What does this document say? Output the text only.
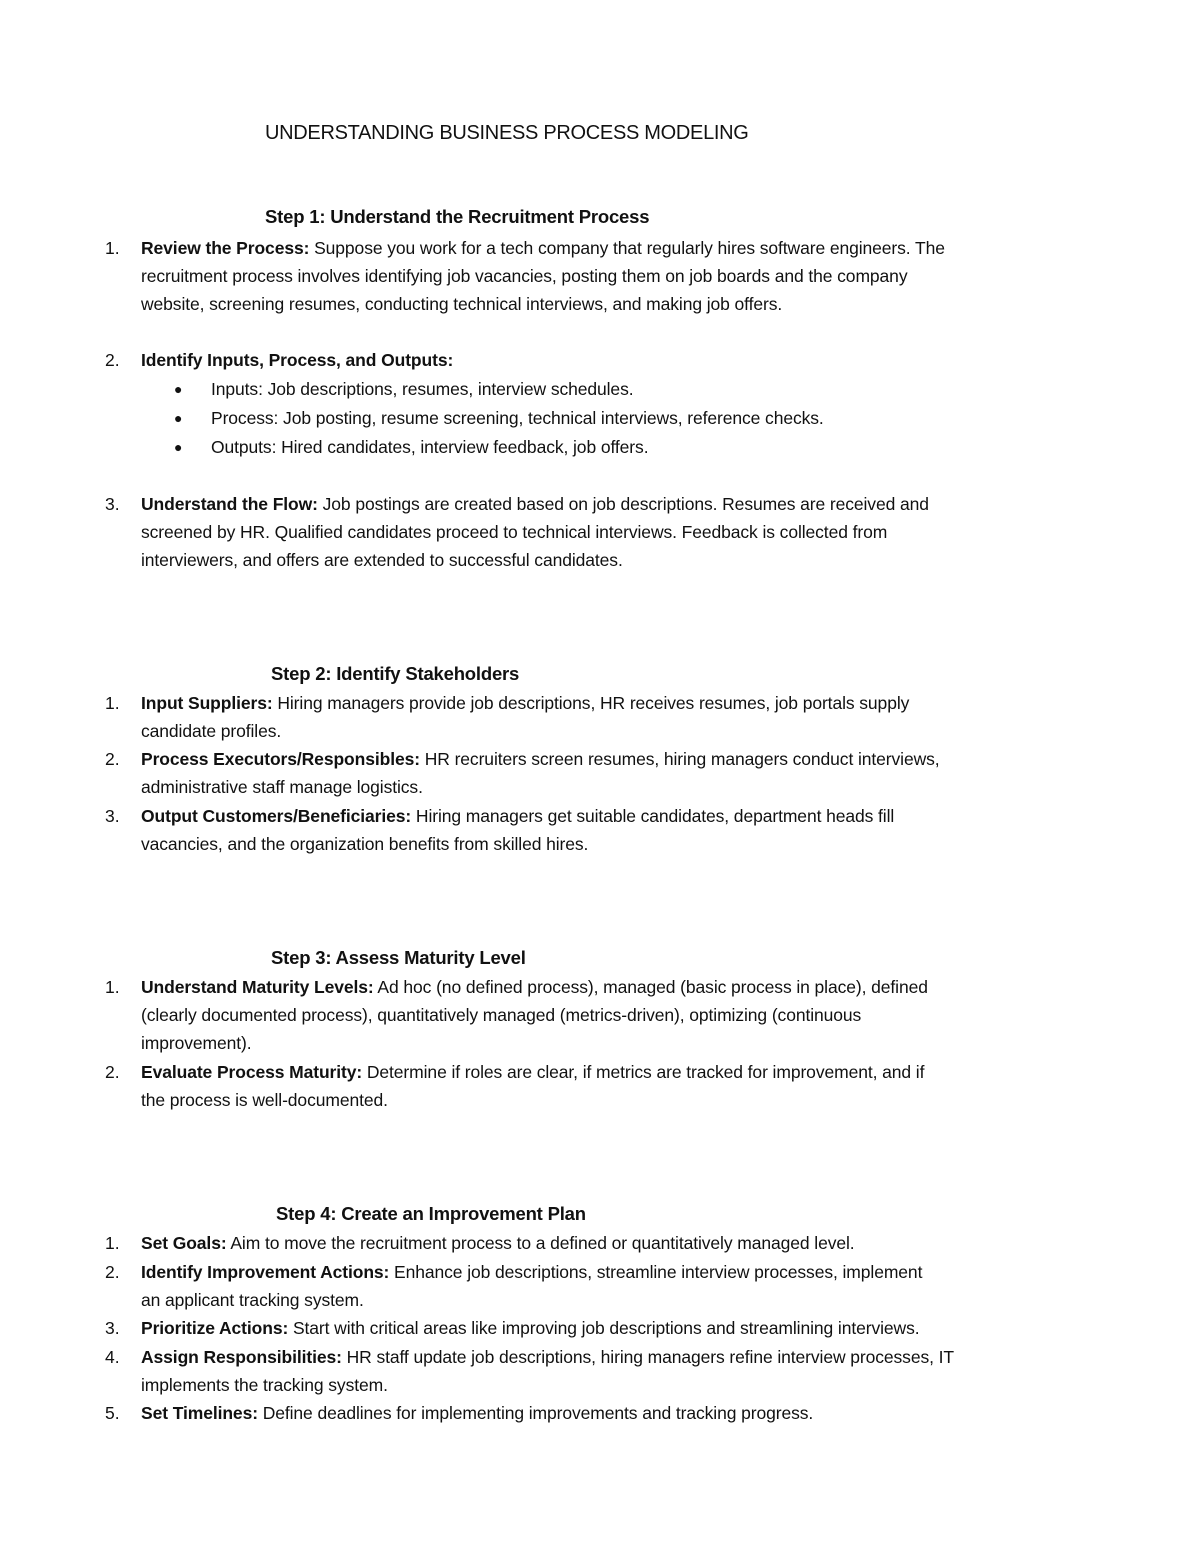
UNDERSTANDING BUSINESS PROCESS MODELING
Step 1: Understand the Recruitment Process
1.	Review the Process: Suppose you work for a tech company that regularly hires software engineers. The
recruitment process involves identifying job vacancies, posting them on job boards and the company
website, screening resumes, conducting technical interviews, and making job offers.
2.	Identify Inputs, Process, and Outputs:
● Inputs: Job descriptions, resumes, interview schedules.
● Process: Job posting, resume screening, technical interviews, reference checks.
● Outputs: Hired candidates, interview feedback, job offers.
3.	Understand the Flow: Job postings are created based on job descriptions. Resumes are received and
screened by HR. Qualified candidates proceed to technical interviews. Feedback is collected from
interviewers, and offers are extended to successful candidates.
Step 2: Identify Stakeholders
1.	Input Suppliers: Hiring managers provide job descriptions, HR receives resumes, job portals supply
candidate profiles.
2.	Process Executors/Responsibles: HR recruiters screen resumes, hiring managers conduct interviews,
administrative staff manage logistics.
3.	Output Customers/Beneficiaries: Hiring managers get suitable candidates, department heads fill
vacancies, and the organization benefits from skilled hires.
Step 3: Assess Maturity Level
1.	Understand Maturity Levels: Ad hoc (no defined process), managed (basic process in place), defined
(clearly documented process), quantitatively managed (metrics-driven), optimizing (continuous
improvement).
2.	Evaluate Process Maturity: Determine if roles are clear, if metrics are tracked for improvement, and if
the process is well-documented.
Step 4: Create an Improvement Plan
1.	Set Goals: Aim to move the recruitment process to a defined or quantitatively managed level.
2.	Identify Improvement Actions: Enhance job descriptions, streamline interview processes, implement
an applicant tracking system.
3.	Prioritize Actions: Start with critical areas like improving job descriptions and streamlining interviews.
4.	Assign Responsibilities: HR staff update job descriptions, hiring managers refine interview processes, IT
implements the tracking system.
5.	Set Timelines: Define deadlines for implementing improvements and tracking progress.
